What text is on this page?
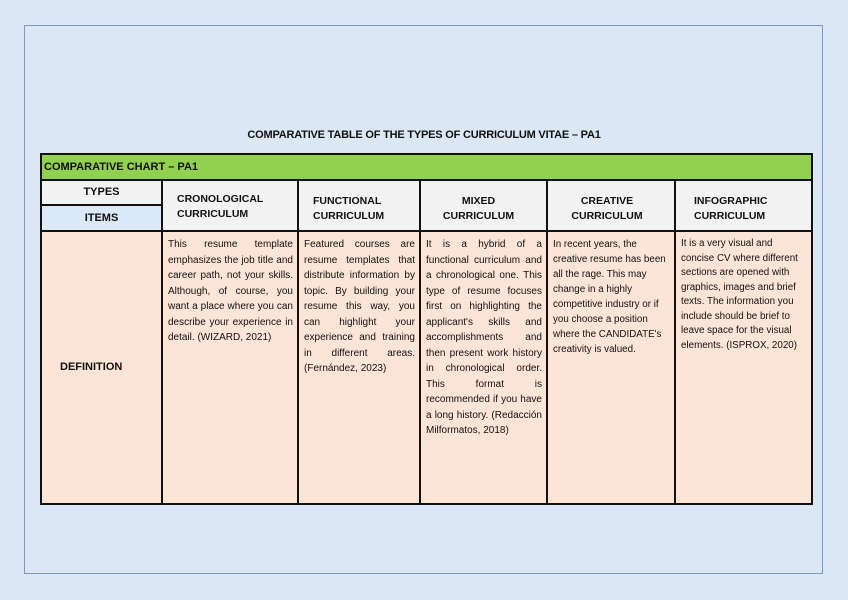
COMPARATIVE TABLE OF THE TYPES OF CURRICULUM VITAE – PA1
COMPARATIVE CHART – PA1
TYPES
ITEMS
CRONOLOGICAL
CURRICULUM
FUNCTIONAL
CURRICULUM
MIXED
CURRICULUM
CREATIVE
CURRICULUM
INFOGRAPHIC
CURRICULUM
DEFINITION
This resume template emphasizes the job title and career path, not your skills. Although, of course, you want a place where you can describe your experience in detail. (WIZARD, 2021)
Featured courses are resume templates that distribute information by topic. By building your resume this way, you can highlight your experience and training in different areas. (Fernández, 2023)
It is a hybrid of a functional curriculum and a chronological one. This type of resume focuses first on highlighting the applicant's skills and accomplishments and then present work history in chronological order. This format is recommended if you have a long history. (Redacción Milformatos, 2018)
In recent years, the creative resume has been all the rage. This may change in a highly competitive industry or if you choose a position where the CANDIDATE's creativity is valued.
It is a very visual and concise CV where different sections are opened with graphics, images and brief texts. The information you include should be brief to leave space for the visual elements. (ISPROX, 2020)
